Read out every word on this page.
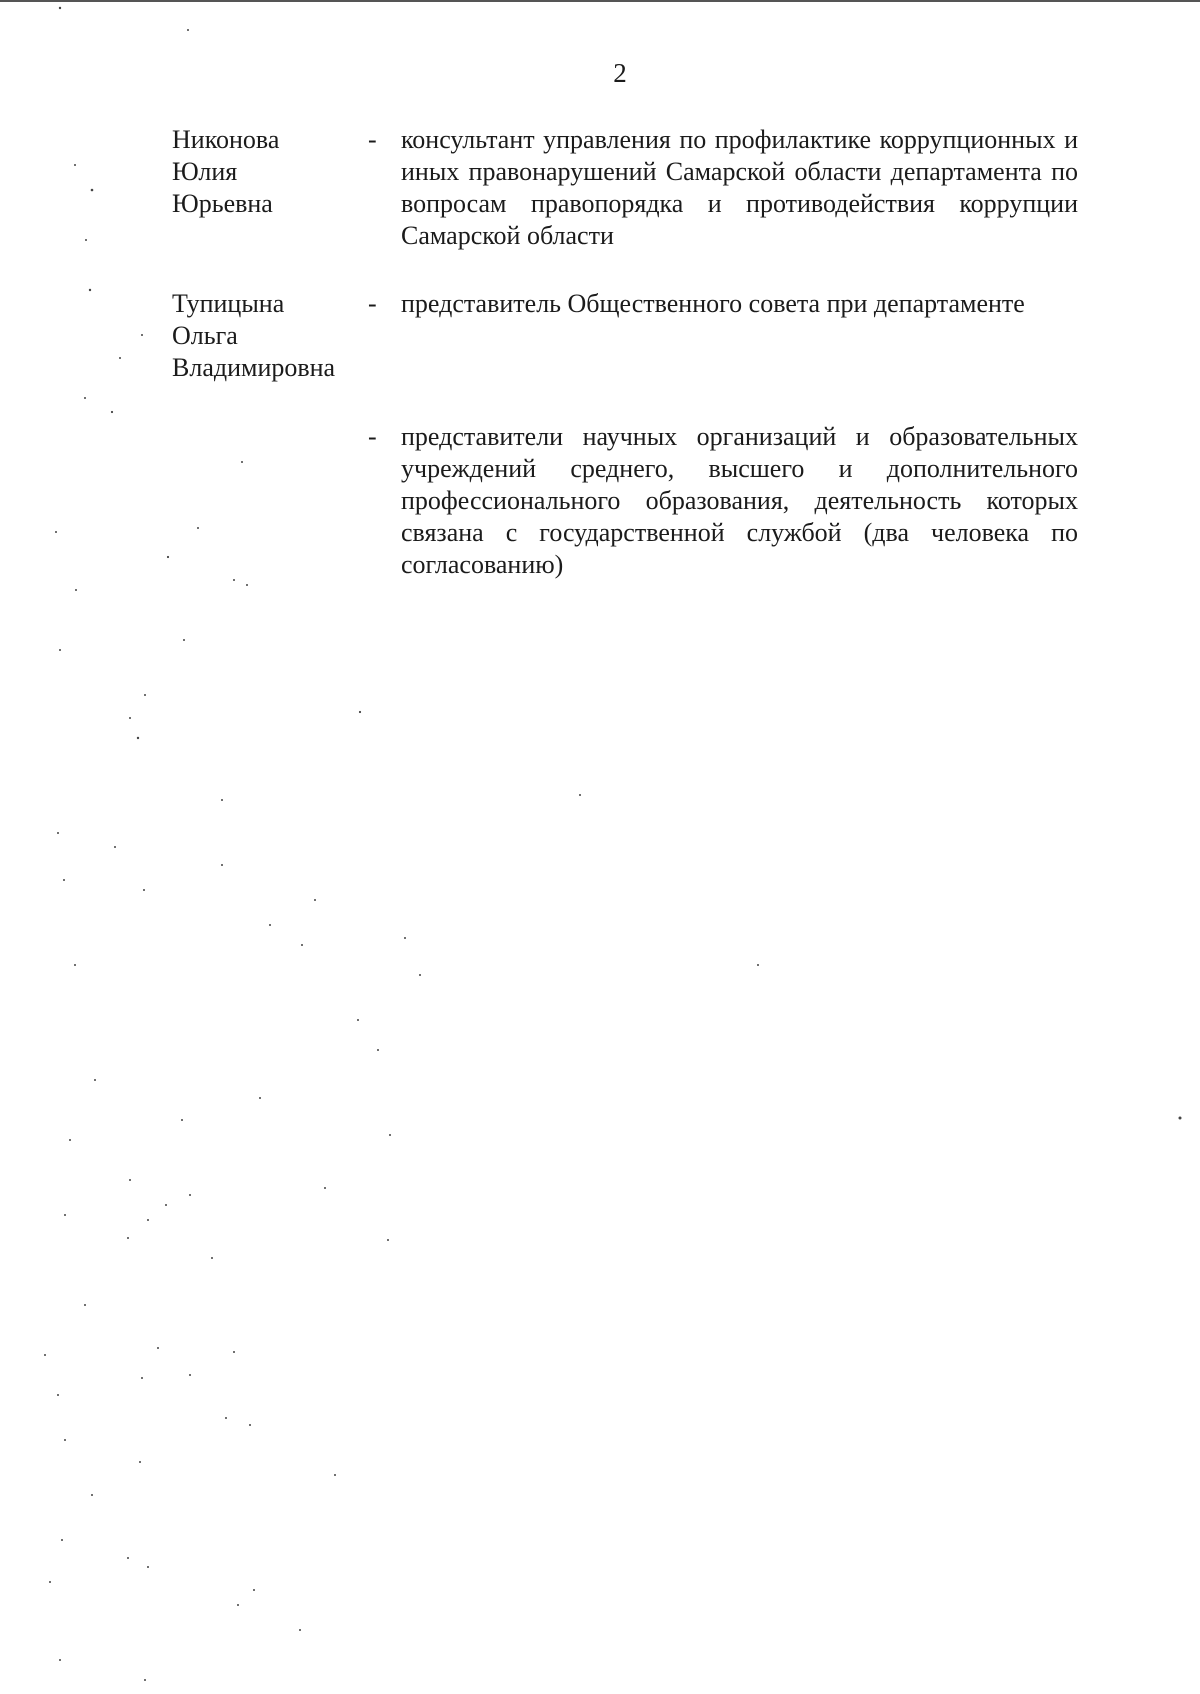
2
Никонова
Юлия
Юрьевна
- консультант управления по профилактике коррупционных и иных правонарушений Самарской области департамента по вопросам правопорядка и противодействия коррупции Самарской области
Тупицына
Ольга
Владимировна
- представитель Общественного совета при департаменте
- представители научных организаций и образовательных учреждений среднего, высшего и дополнительного профессионального образования, деятельность которых связана с государственной службой (два человека по согласованию)
